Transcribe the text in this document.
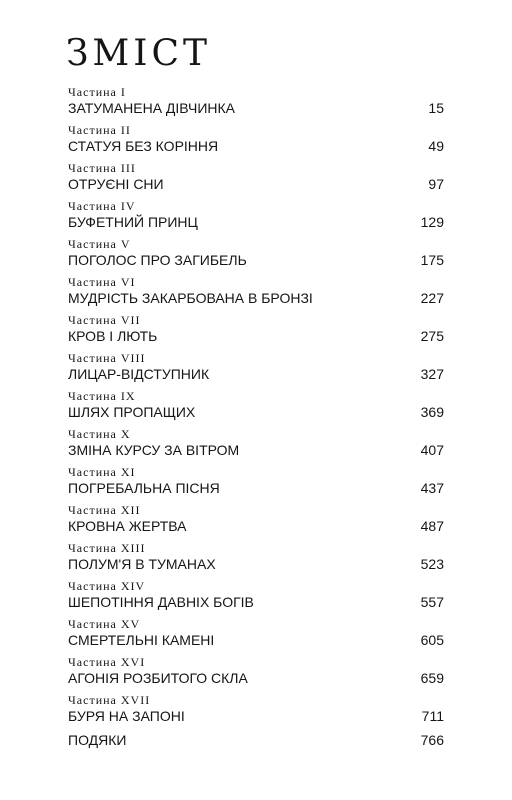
ЗМІСТ
Частина I
ЗАТУМАНЕНА ДІВЧИНКА	15
Частина II
СТАТУЯ БЕЗ КОРІННЯ	49
Частина III
ОТРУЄНІ СНИ	97
Частина IV
БУФЕТНИЙ ПРИНЦ	129
Частина V
ПОГОЛОС ПРО ЗАГИБЕЛЬ	175
Частина VI
МУДРІСТЬ ЗАКАРБОВАНА В БРОНЗІ	227
Частина VII
КРОВ І ЛЮТЬ	275
Частина VIII
ЛИЦАР-ВІДСТУПНИК	327
Частина IX
ШЛЯХ ПРОПАЩИХ	369
Частина X
ЗМІНА КУРСУ ЗА ВІТРОМ	407
Частина XI
ПОГРЕБАЛЬНА ПІСНЯ	437
Частина XII
КРОВНА ЖЕРТВА	487
Частина XIII
ПОЛУМ'Я В ТУМАНАХ	523
Частина XIV
ШЕПОТІННЯ ДАВНІХ БОГІВ	557
Частина XV
СМЕРТЕЛЬНІ КАМЕНІ	605
Частина XVI
АГОНІЯ РОЗБИТОГО СКЛА	659
Частина XVII
БУРЯ НА ЗАПОНІ	711
ПОДЯКИ	766
